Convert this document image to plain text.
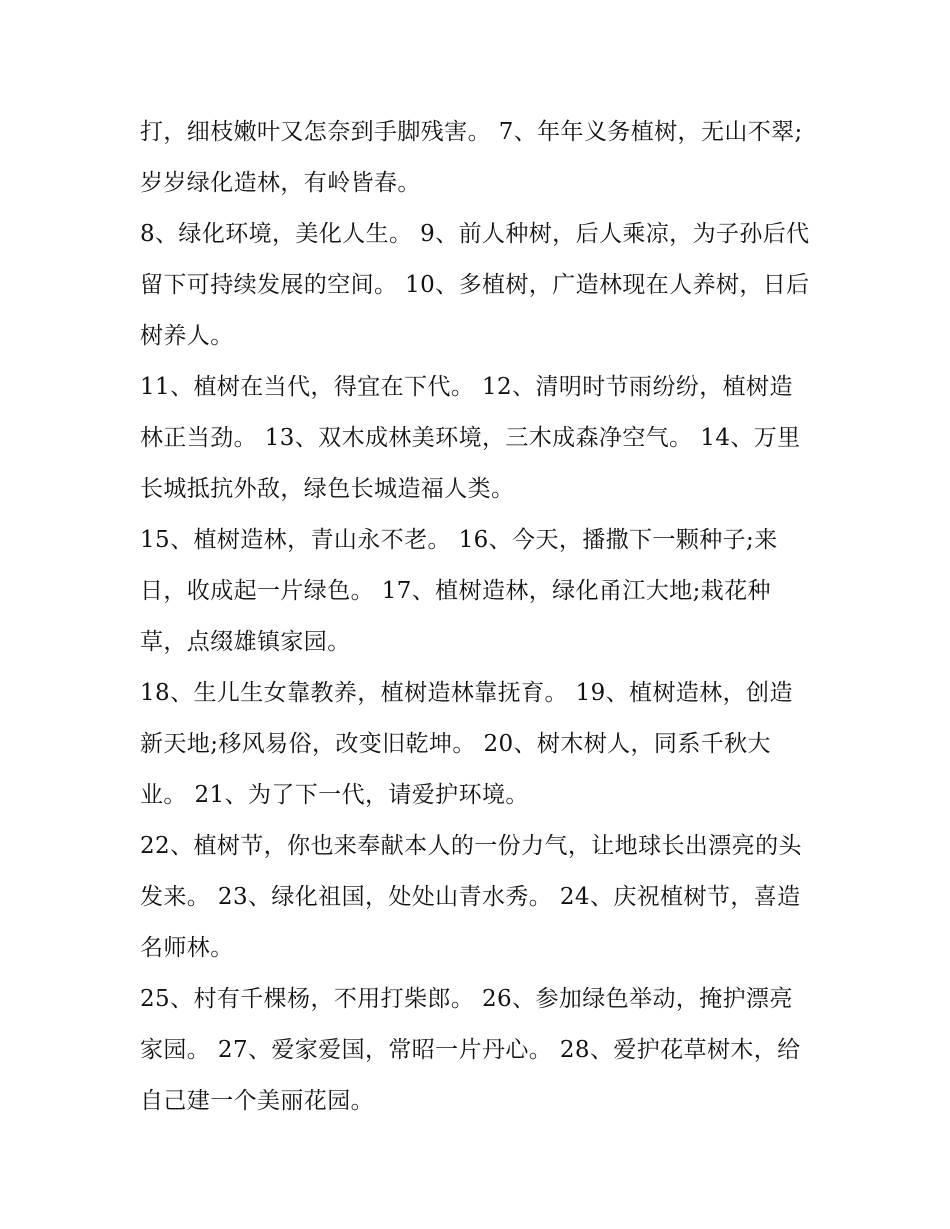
打，细枝嫩叶又怎奈到手脚残害。 7、年年义务植树，无山不翠;岁岁绿化造林，有岭皆春。

8、绿化环境，美化人生。 9、前人种树，后人乘凉，为子孙后代留下可持续发展的空间。 10、多植树，广造林现在人养树，日后树养人。

11、植树在当代，得宜在下代。 12、清明时节雨纷纷，植树造林正当劲。 13、双木成林美环境，三木成森净空气。 14、万里长城抵抗外敌，绿色长城造福人类。

15、植树造林，青山永不老。 16、今天，播撒下一颗种子;来日，收成起一片绿色。 17、植树造林，绿化甬江大地;栽花种草，点缀雄镇家园。

18、生儿生女靠教养，植树造林靠抚育。 19、植树造林，创造新天地;移风易俗，改变旧乾坤。 20、树木树人，同系千秋大业。 21、为了下一代，请爱护环境。

22、植树节，你也来奉献本人的一份力气，让地球长出漂亮的头发来。 23、绿化祖国，处处山青水秀。 24、庆祝植树节，喜造名师林。

25、村有千棵杨，不用打柴郎。 26、参加绿色举动，掩护漂亮家园。 27、爱家爱国，常昭一片丹心。 28、爱护花草树木，给自己建一个美丽花园。
